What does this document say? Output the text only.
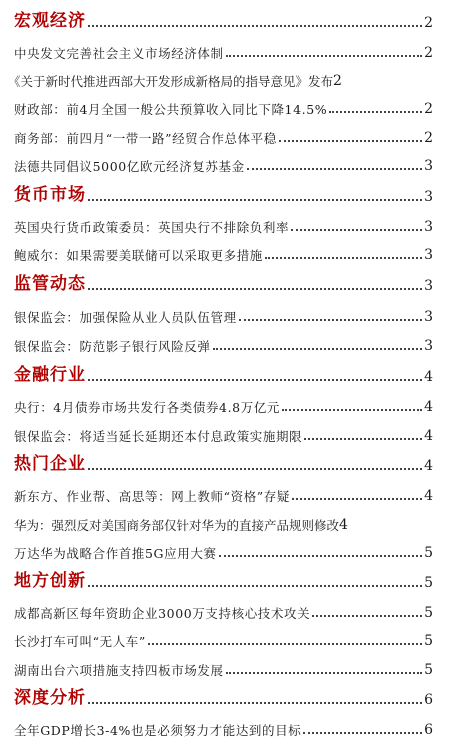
宏观经济	2
中央发文完善社会主义市场经济体制	2
《关于新时代推进西部大开发形成新格局的指导意见》发布 2
财政部：前4月全国一般公共预算收入同比下降14.5%	2
商务部：前四月“一带一路”经贸合作总体平稳	2
法德共同倡议5000亿欧元经济复苏基金	3
货币市场	3
英国央行货币政策委员：英国央行不排除负利率	3
鲍威尔：如果需要美联储可以采取更多措施	3
监管动态	3
银保监会：加强保险从业人员队伍管理	3
银保监会：防范影子银行风险反弹	3
金融行业	4
央行：4月债券市场共发行各类债券4.8万亿元	4
银保监会：将适当延长延期还本付息政策实施期限	4
热门企业	4
新东方、作业帮、高思等：网上教师“资格”存疑	4
华为：强烈反对美国商务部仅针对华为的直接产品规则修改 4
万达华为战略合作首推5G应用大赛	5
地方创新	5
成都高新区每年资助企业3000万支持核心技术攻关	5
长沙打车可叫“无人车”	5
湖南出台六项措施支持四板市场发展	5
深度分析	6
全年GDP增长3-4%也是必须努力才能达到的目标	6
